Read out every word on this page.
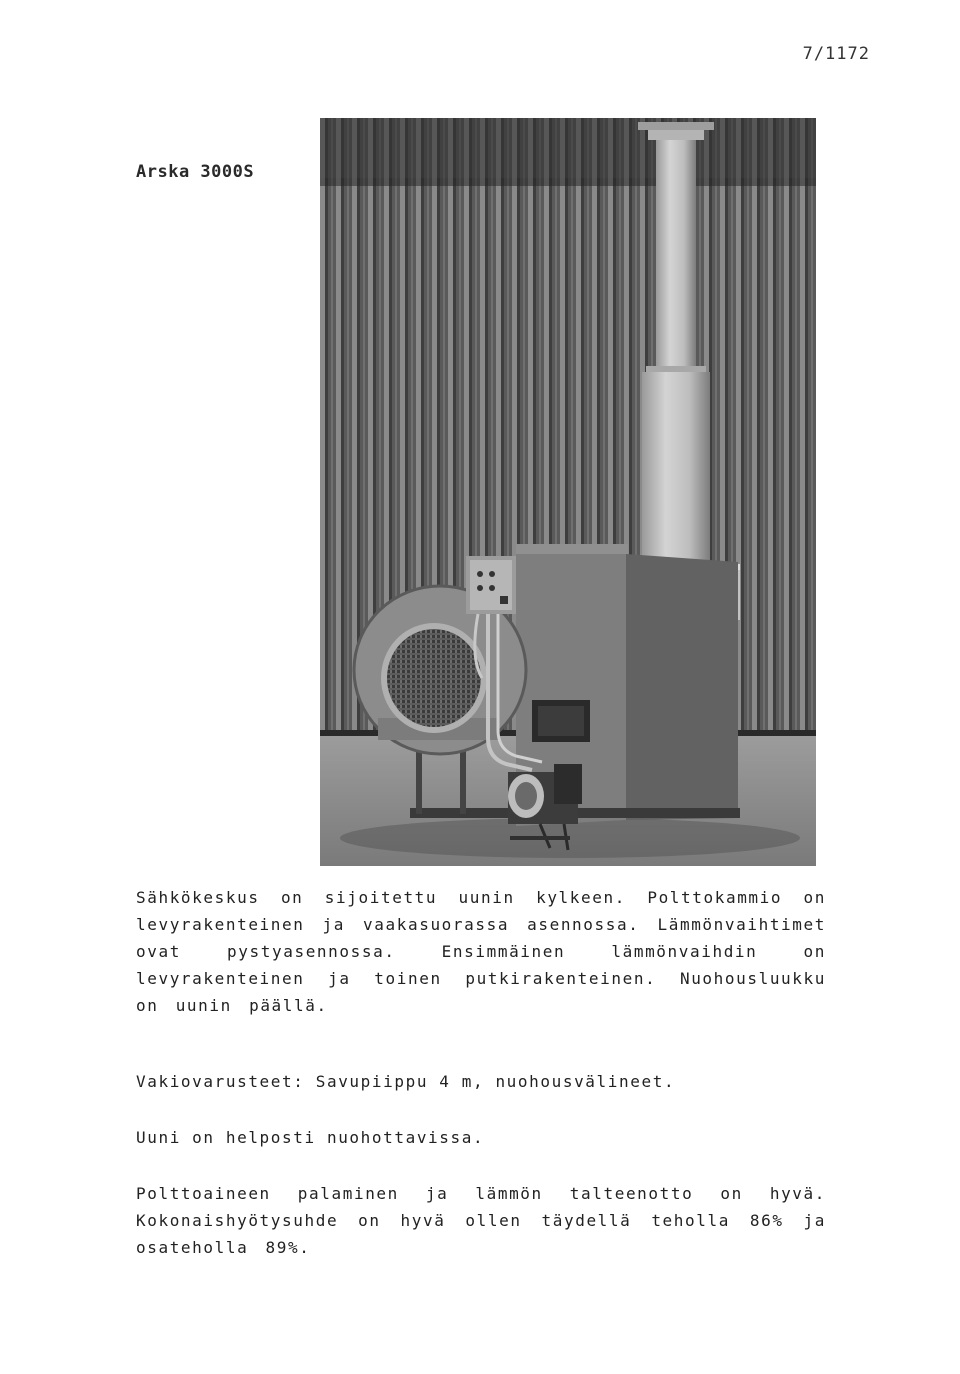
7/1172
Arska 3000S
Sähkökeskus on sijoitettu uunin kylkeen. Polttokammio on levyrakenteinen ja vaakasuorassa asennossa. Lämmönvaihtimet ovat pystyasennossa. Ensimmäinen lämmönvaihdin on levyrakenteinen ja toinen putkirakenteinen. Nuohousluukku on uunin päällä.
Vakiovarusteet: Savupiippu 4 m, nuohousvälineet.
Uuni on helposti nuohottavissa.
Polttoaineen palaminen ja lämmön talteenotto on hyvä. Kokonaishyötysuhde on hyvä ollen täydellä teholla 86% ja osateholla 89%.
